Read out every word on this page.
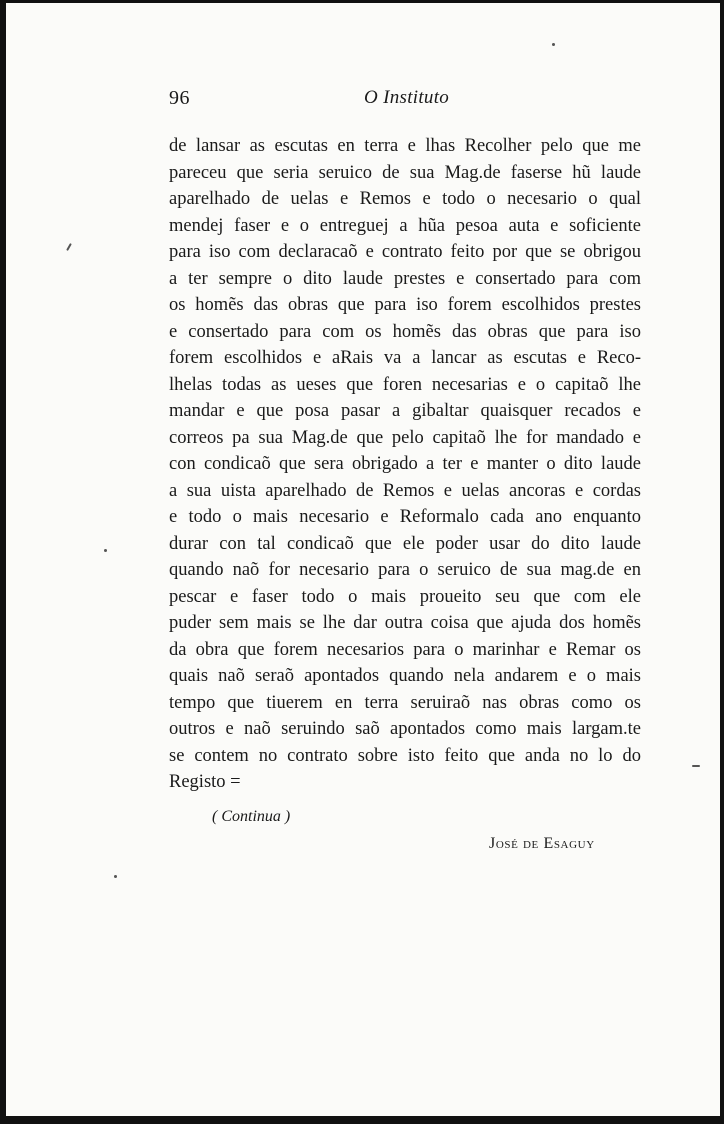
96	O Instituto
de lansar as escutas en terra e lhas Recolher pelo que me
pareceu que seria seruico de sua Mag.de faserse hũ laude
aparelhado de uelas e Remos e todo o necesario o qual
mendej faser e o entreguej a hũa pesoa auta e soficiente
para iso com declaracaõ e contrato feito por que se obrigou
a ter sempre o dito laude prestes e consertado para com
os homẽs das obras que para iso forem escolhidos prestes
e consertado para com os homẽs das obras que para iso
forem escolhidos e aRais va a lancar as escutas e Reco-
lhelas todas as ueses que foren necesarias e o capitaõ lhe
mandar e que posa pasar a gibaltar quaisquer recados e
correos pa sua Mag.de que pelo capitaõ lhe for mandado e
con condicaõ que sera obrigado a ter e manter o dito laude
a sua uista aparelhado de Remos e uelas ancoras e cordas
e todo o mais necesario e Reformalo cada ano enquanto
durar con tal condicaõ que ele poder usar do dito laude
quando naõ for necesario para o seruico de sua mag.de en
pescar e faser todo o mais proueito seu que com ele
puder sem mais se lhe dar outra coisa que ajuda dos homẽs
da obra que forem necesarios para o marinhar e Remar os
quais naõ seraõ apontados quando nela andarem e o mais
tempo que tiuerem en terra seruiraõ nas obras como os
outros e naõ seruindo saõ apontados como mais largam.te
se contem no contrato sobre isto feito que anda no lo do
Registo =
( Continua )
José de Esaguy
